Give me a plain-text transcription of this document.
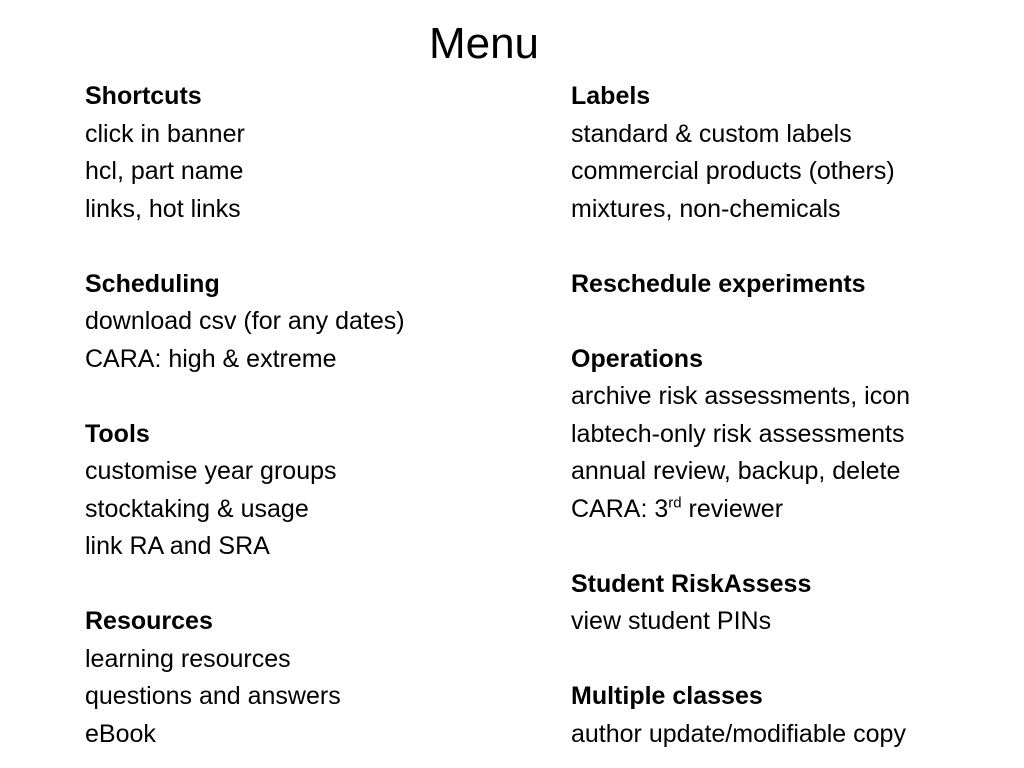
Menu
Shortcuts
click in banner
hcl, part name
links, hot links
Scheduling
download csv (for any dates)
CARA: high & extreme
Tools
customise year groups
stocktaking & usage
link RA and SRA
Resources
learning resources
questions and answers
eBook
Labels
standard & custom labels
commercial products (others)
mixtures, non-chemicals
Reschedule experiments
Operations
archive risk assessments, icon
labtech-only risk assessments
annual review, backup, delete
CARA: 3rd reviewer
Student RiskAssess
view student PINs
Multiple classes
author update/modifiable copy
